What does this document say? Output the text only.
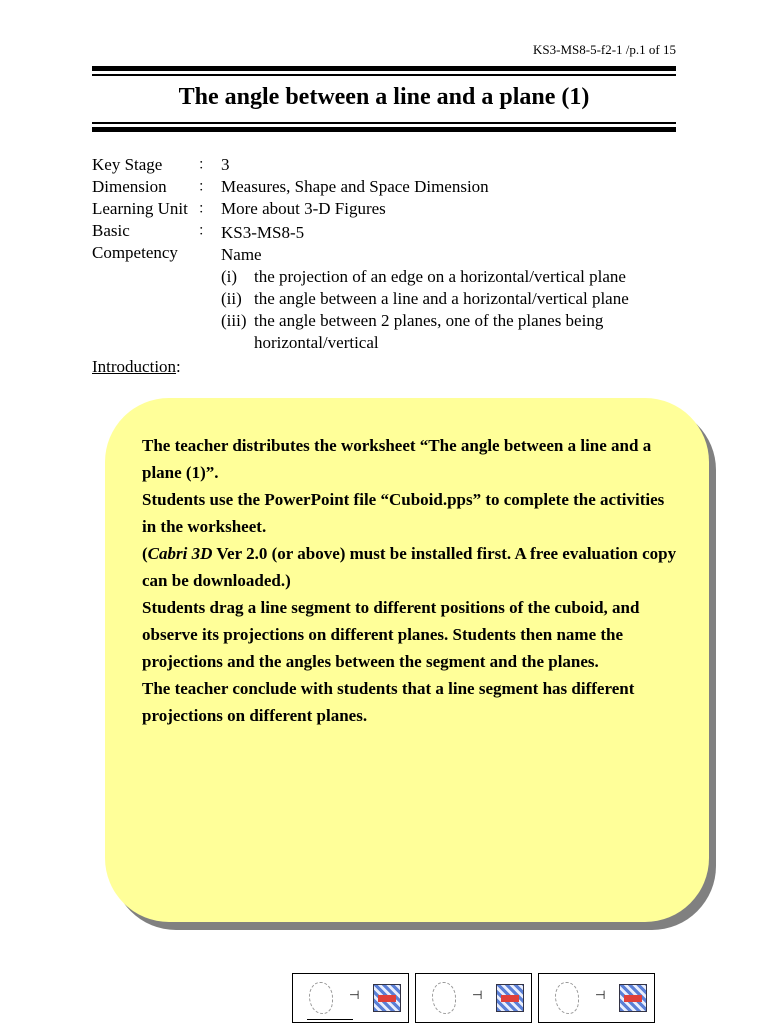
KS3-MS8-5-f2-1 /p.1 of 15
The angle between a line and a plane (1)
Key Stage	： 3
Dimension	： Measures, Shape and Space Dimension
Learning Unit ： More about 3-D Figures
Basic
Competency
： KS3-MS8-5
Name
(i) the projection of an edge on a horizontal/vertical plane
(ii) the angle between a line and a horizontal/vertical plane
(iii) the angle between 2 planes, one of the planes being
horizontal/vertical
Introduction:

The teacher distributes the worksheet “The angle between a line and a plane (1)”.

Students use the PowerPoint file “Cuboid.pps” to complete the activities in the worksheet.

(Cabri 3D Ver 2.0 (or above) must be installed first. A free evaluation copy can be downloaded.)

Students drag a line segment to different positions of the cuboid, and observe its projections on different planes. Students then name the projections and the angles between the segment and the planes.

The teacher conclude with students that a line segment has different projections on different planes.

⊣	⊣	⊣
